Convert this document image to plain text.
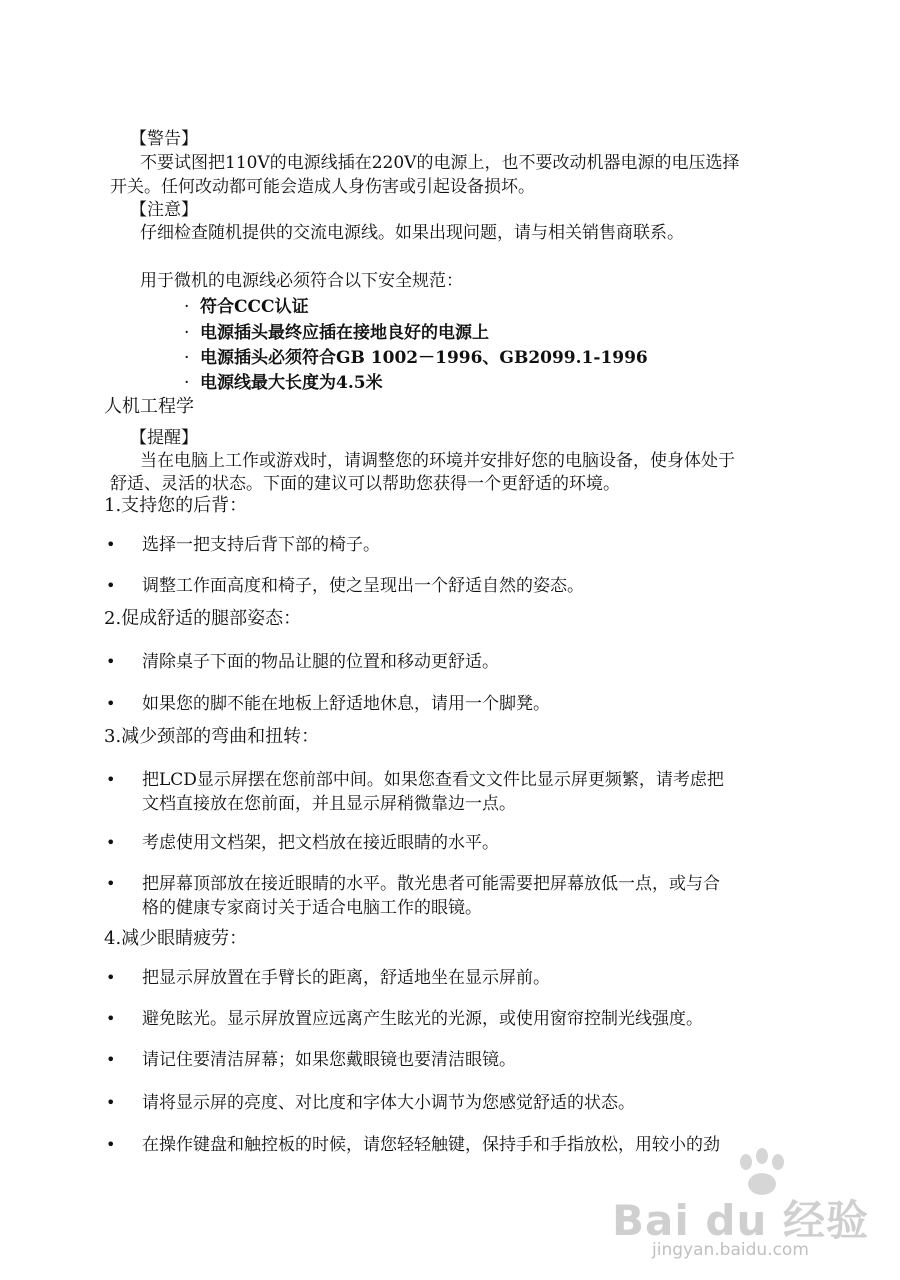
【警告】
不要试图把110V的电源线插在220V的电源上，也不要改动机器电源的电压选择
开关。任何改动都可能会造成人身伤害或引起设备损坏。
【注意】
仔细检查随机提供的交流电源线。如果出现问题，请与相关销售商联系。
用于微机的电源线必须符合以下安全规范：
· 符合CCC认证
· 电源插头最终应插在接地良好的电源上
· 电源插头必须符合GB 1002－1996、GB2099.1-1996
· 电源线最大长度为4.5米
人机工程学
【提醒】
当在电脑上工作或游戏时，请调整您的环境并安排好您的电脑设备，使身体处于
舒适、灵活的状态。下面的建议可以帮助您获得一个更舒适的环境。
1.支持您的后背：
• 选择一把支持后背下部的椅子。
• 调整工作面高度和椅子，使之呈现出一个舒适自然的姿态。
2.促成舒适的腿部姿态：
• 清除桌子下面的物品让腿的位置和移动更舒适。
• 如果您的脚不能在地板上舒适地休息，请用一个脚凳。
3.减少颈部的弯曲和扭转：
• 把LCD显示屏摆在您前部中间。如果您查看文文件比显示屏更频繁，请考虑把
文档直接放在您前面，并且显示屏稍微靠边一点。
• 考虑使用文档架，把文档放在接近眼睛的水平。
• 把屏幕顶部放在接近眼睛的水平。散光患者可能需要把屏幕放低一点，或与合
格的健康专家商讨关于适合电脑工作的眼镜。
4.减少眼睛疲劳：
• 把显示屏放置在手臂长的距离，舒适地坐在显示屏前。
• 避免眩光。显示屏放置应远离产生眩光的光源，或使用窗帘控制光线强度。
• 请记住要清洁屏幕；如果您戴眼镜也要清洁眼镜。
• 请将显示屏的亮度、对比度和字体大小调节为您感觉舒适的状态。
• 在操作键盘和触控板的时候，请您轻轻触键，保持手和手指放松，用较小的劲
Bai du 经验
jingyan.baidu.com
